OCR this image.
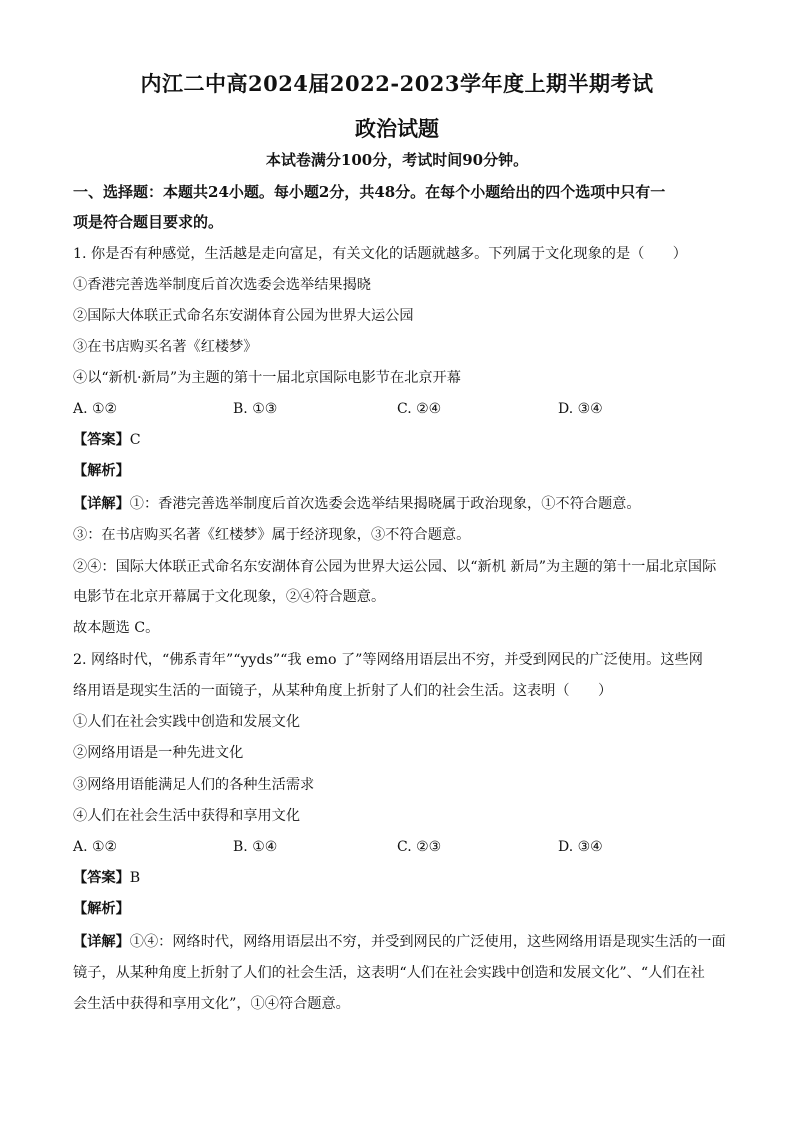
内江二中高2024届2022-2023学年度上期半期考试
政治试题
本试卷满分100分，考试时间90分钟。
一、选择题：本题共24小题。每小题2分，共48分。在每个小题给出的四个选项中只有一
项是符合题目要求的。
1. 你是否有种感觉，生活越是走向富足，有关文化的话题就越多。下列属于文化现象的是（　　）
①香港完善选举制度后首次选委会选举结果揭晓
②国际大体联正式命名东安湖体育公园为世界大运公园
③在书店购买名著《红楼梦》
④以“新机·新局”为主题的第十一届北京国际电影节在北京开幕
A. ①②	B. ①③	C. ②④	D. ③④
【答案】C
【解析】
【详解】①：香港完善选举制度后首次选委会选举结果揭晓属于政治现象，①不符合题意。
③：在书店购买名著《红楼梦》属于经济现象，③不符合题意。
②④：国际大体联正式命名东安湖体育公园为世界大运公园、以“新机 新局”为主题的第十一届北京国际
电影节在北京开幕属于文化现象，②④符合题意。
故本题选 C。
2. 网络时代，“佛系青年”“yyds”“我 emo 了”等网络用语层出不穷，并受到网民的广泛使用。这些网
络用语是现实生活的一面镜子，从某种角度上折射了人们的社会生活。这表明（　　）
①人们在社会实践中创造和发展文化
②网络用语是一种先进文化
③网络用语能满足人们的各种生活需求
④人们在社会生活中获得和享用文化
A. ①②	B. ①④	C. ②③	D. ③④
【答案】B
【解析】
【详解】①④：网络时代，网络用语层出不穷，并受到网民的广泛使用，这些网络用语是现实生活的一面
镜子，从某种角度上折射了人们的社会生活，这表明“人们在社会实践中创造和发展文化”、“人们在社
会生活中获得和享用文化”，①④符合题意。
